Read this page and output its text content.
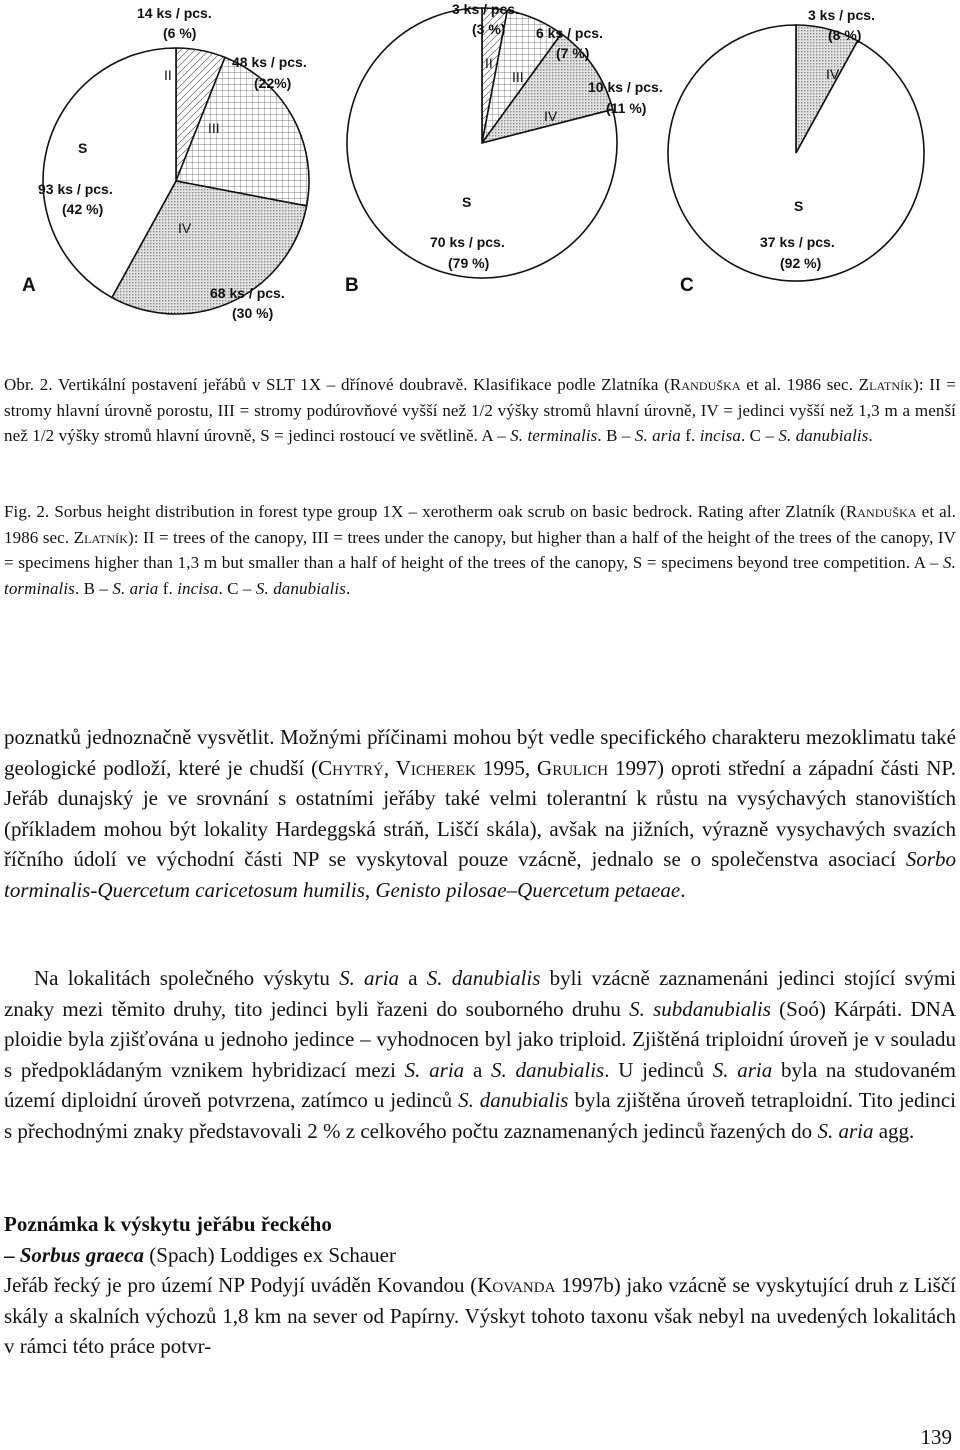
A	B	C
14 ks / pcs.
(6 %)
48 ks / pcs.
(22%)
93 ks / pcs.
(42 %)
68 ks / pcs.
(30 %)
II
III
IV
S
3 ks / pcs.
(3 %) 6 ks / pcs.
(7 %)
10 ks / pcs.
(11 %)
70 ks / pcs.
(79 %)
II
III
IV
S
3 ks / pcs.
(8 %)
37 ks / pcs.
(92 %)
IV
S
Obr. 2. Vertikální postavení jeřábů v SLT 1X – dřínové doubravě. Klasifikace podle Zlatníka (Randuška et al. 1986 sec. Zlatník): II = stromy hlavní úrovně porostu, III = stromy podúrovňové vyšší než 1/2 výšky stromů hlavní úrovně, IV = jedinci vyšší než 1,3 m a menší než 1/2 výšky stromů hlavní úrovně, S = jedinci rostoucí ve světlině. A – S. terminalis. B – S. aria f. incisa. C – S. danubialis.
Fig. 2. Sorbus height distribution in forest type group 1X – xerotherm oak scrub on basic bedrock. Rating after Zlatník (Randuška et al. 1986 sec. Zlatník): II = trees of the canopy, III = trees under the canopy, but higher than a half of the height of the trees of the canopy, IV = specimens higher than 1,3 m but smaller than a half of height of the trees of the canopy, S = specimens beyond tree competition. A – S. torminalis. B – S. aria f. incisa. C – S. danubialis.
poznatků jednoznačně vysvětlit. Možnými příčinami mohou být vedle specifického charakteru mezoklimatu také geologické podloží, které je chudší (Chytrý, Vicherek 1995, Grulich 1997) oproti střední a západní části NP. Jeřáb dunajský je ve srovnání s ostatními jeřáby také velmi tolerantní k růstu na vysýchavých stanovištích (příkladem mohou být lokality Hardeggská stráň, Liščí skála), avšak na jižních, výrazně vysychavých svazích říčního údolí ve východní části NP se vyskytoval pouze vzácně, jednalo se o společenstva asociací Sorbo torminalis-Quercetum caricetosum humilis, Genisto pilosae–Quercetum petaeae.
Na lokalitách společného výskytu S. aria a S. danubialis byli vzácně zaznamenáni jedinci stojící svými znaky mezi těmito druhy, tito jedinci byli řazeni do souborného druhu S. subdanubialis (Soó) Kárpáti. DNA ploidie byla zjišťována u jednoho jedince – vyhodnocen byl jako triploid. Zjištěná triploidní úroveň je v souladu s předpokládaným vznikem hybridizací mezi S. aria a S. danubialis. U jedinců S. aria byla na studovaném území diploidní úroveň potvrzena, zatímco u jedinců S. danubialis byla zjištěna úroveň tetraploidní. Tito jedinci s přechodnými znaky představovali 2 % z celkového počtu zaznamenaných jedinců řazených do S. aria agg.

Poznámka k výskytu jeřábu řeckého

– Sorbus graeca (Spach) Loddiges ex Schauer

Jeřáb řecký je pro území NP Podyjí uváděn Kovandou (Kovanda 1997b) jako vzácně se vyskytující druh z Liščí skály a skalních výchozů 1,8 km na sever od Papírny. Výskyt tohoto taxonu však nebyl na uvedených lokalitách v rámci této práce potvr-

139
